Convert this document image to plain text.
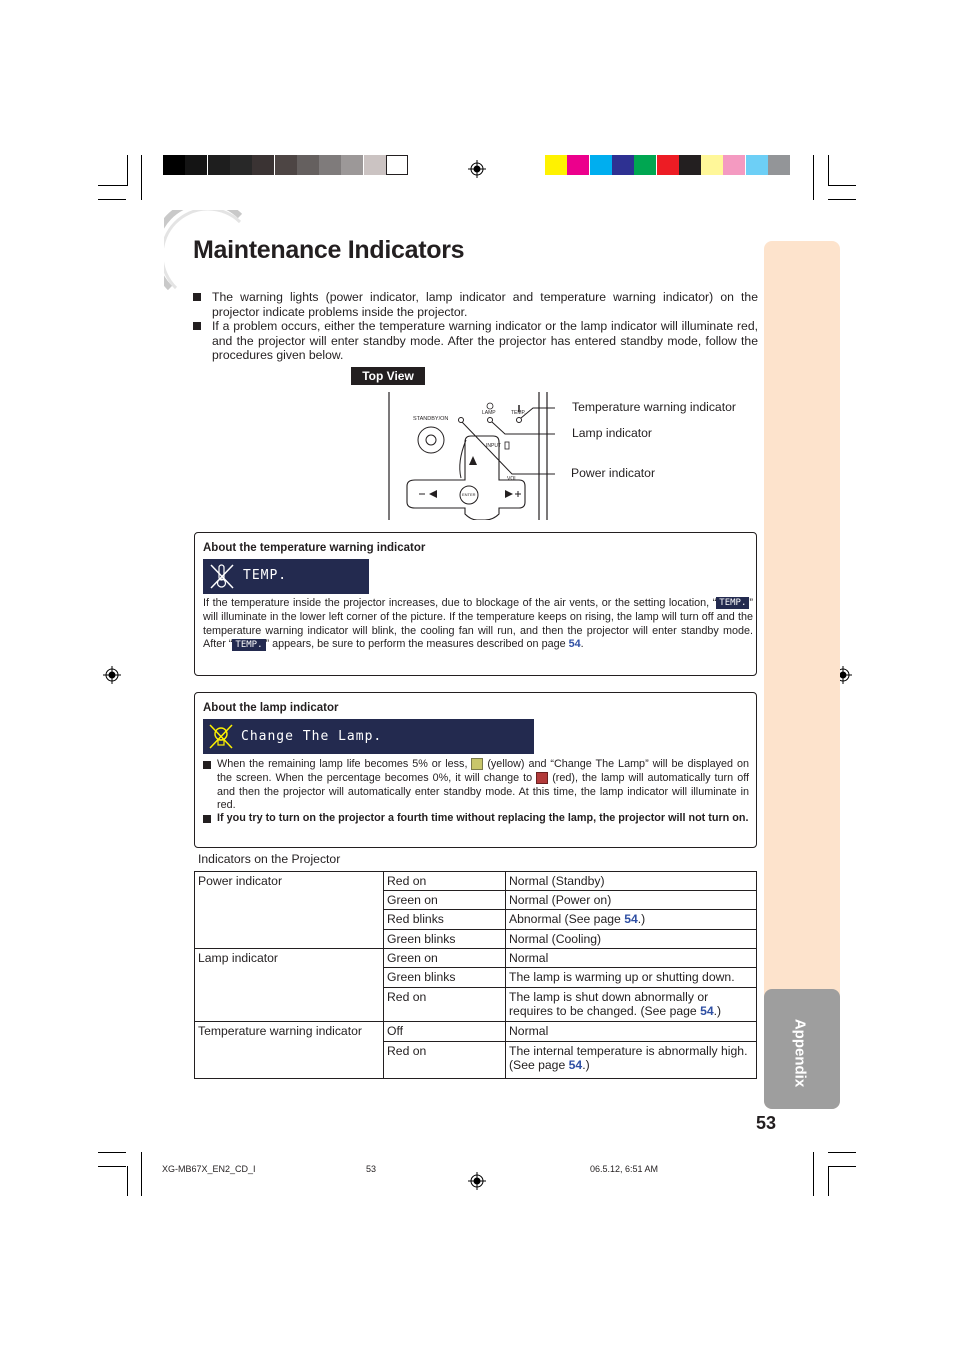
Appendix
53
Maintenance Indicators
The warning lights (power indicator, lamp indicator and temperature warning indicator) on the projector indicate problems inside the projector.
If a problem occurs, either the temperature warning indicator or the lamp indicator will illuminate red, and the projector will enter standby mode. After the projector has entered standby mode, follow the procedures given below.
Top View
STANDBY/ON
LAMP	TEMP.
INPUT
VOL
ENTER
Temperature warning indicator
Lamp indicator
Power indicator
About the temperature warning indicator
TEMP.
If the temperature inside the projector increases, due to blockage of the air vents, or the setting location, “ TEMP. ” will illuminate in the lower left corner of the picture. If the temperature keeps on rising, the lamp will turn off and the temperature warning indicator will blink, the cooling fan will run, and then the projector will enter standby mode. After “ TEMP. ” appears, be sure to perform the measures described on page 54.
About the lamp indicator
Change The Lamp.
When the remaining lamp life becomes 5% or less,  (yellow) and “Change The Lamp” will be displayed on the screen. When the percentage becomes 0%, it will change to  (red), the lamp will automatically turn off and then the projector will automatically enter standby mode. At this time, the lamp indicator will illuminate in red.
If you try to turn on the projector a fourth time without replacing the lamp, the projector will not turn on.
Indicators on the Projector
Power indicator	Red on	Normal (Standby)
	Green on	Normal (Power on)
	Red blinks	Abnormal (See page 54.)
	Green blinks	Normal (Cooling)
Lamp indicator	Green on	Normal
	Green blinks	The lamp is warming up or shutting down.
	Red on	The lamp is shut down abnormally or requires to be changed. (See page 54.)
Temperature warning indicator	Off	Normal
	Red on	The internal temperature is abnormally high. (See page 54.)
XG-MB67X_EN2_CD_I	53	06.5.12, 6:51 AM
